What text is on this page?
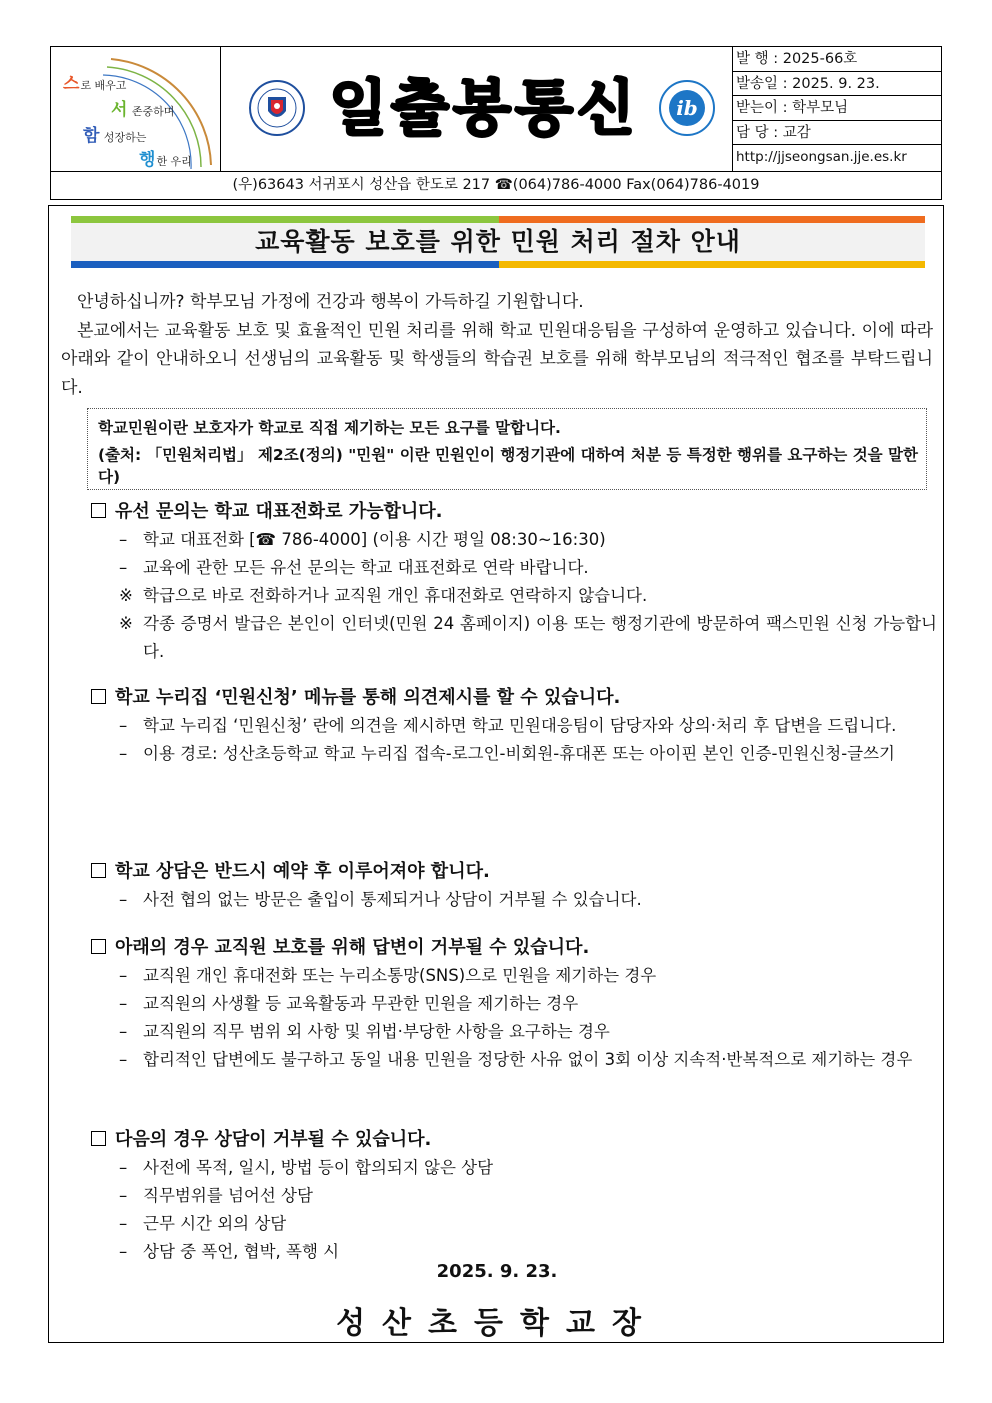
스로 배우고
서 존중하며
함 성장하는
행한 우리
일출봉통신	ib
발 행 : 2025-66호
발송일 : 2025. 9. 23.
받는이 : 학부모님
담 당 : 교감
http://jjseongsan.jje.es.kr
(우)63643 서귀포시 성산읍 한도로 217 ☎(064)786-4000 Fax(064)786-4019
교육활동 보호를 위한 민원 처리 절차 안내

안녕하십니까? 학부모님 가정에 건강과 행복이 가득하길 기원합니다.

본교에서는 교육활동 보호 및 효율적인 민원 처리를 위해 학교 민원대응팀을 구성하여 운영하고 있습니다. 이에 따라 아래와 같이 안내하오니 선생님의 교육활동 및 학생들의 학습권 보호를 위해 학부모님의 적극적인 협조를 부탁드립니다.

학교민원이란 보호자가 학교로 직접 제기하는 모든 요구를 말합니다.
(출처: 「민원처리법」 제2조(정의) "민원" 이란 민원인이 행정기관에 대하여 처분 등 특정한 행위를 요구하는 것을 말한다)
유선 문의는 학교 대표전화로 가능합니다.
– 학교 대표전화 [☎ 786-4000] (이용 시간 평일 08:30~16:30)
– 교육에 관한 모든 유선 문의는 학교 대표전화로 연락 바랍니다.
※ 학급으로 바로 전화하거나 교직원 개인 휴대전화로 연락하지 않습니다.
※ 각종 증명서 발급은 본인이 인터넷(민원 24 홈페이지) 이용 또는 행정기관에 방문하여 팩스민원 신청 가능합니다.
학교 누리집 ‘민원신청’ 메뉴를 통해 의견제시를 할 수 있습니다.
– 학교 누리집 ‘민원신청’ 란에 의견을 제시하면 학교 민원대응팀이 담당자와 상의·처리 후 답변을 드립니다.
– 이용 경로: 성산초등학교 학교 누리집 접속-로그인-비회원-휴대폰 또는 아이핀 본인 인증-민원신청-글쓰기
학교 상담은 반드시 예약 후 이루어져야 합니다.
– 사전 협의 없는 방문은 출입이 통제되거나 상담이 거부될 수 있습니다.
아래의 경우 교직원 보호를 위해 답변이 거부될 수 있습니다.
– 교직원 개인 휴대전화 또는 누리소통망(SNS)으로 민원을 제기하는 경우
– 교직원의 사생활 등 교육활동과 무관한 민원을 제기하는 경우
– 교직원의 직무 범위 외 사항 및 위법·부당한 사항을 요구하는 경우
– 합리적인 답변에도 불구하고 동일 내용 민원을 정당한 사유 없이 3회 이상 지속적·반복적으로 제기하는 경우
다음의 경우 상담이 거부될 수 있습니다.
– 사전에 목적, 일시, 방법 등이 합의되지 않은 상담
– 직무범위를 넘어선 상담
– 근무 시간 외의 상담
– 상담 중 폭언, 협박, 폭행 시
2025. 9. 23.
성산초등학교장
